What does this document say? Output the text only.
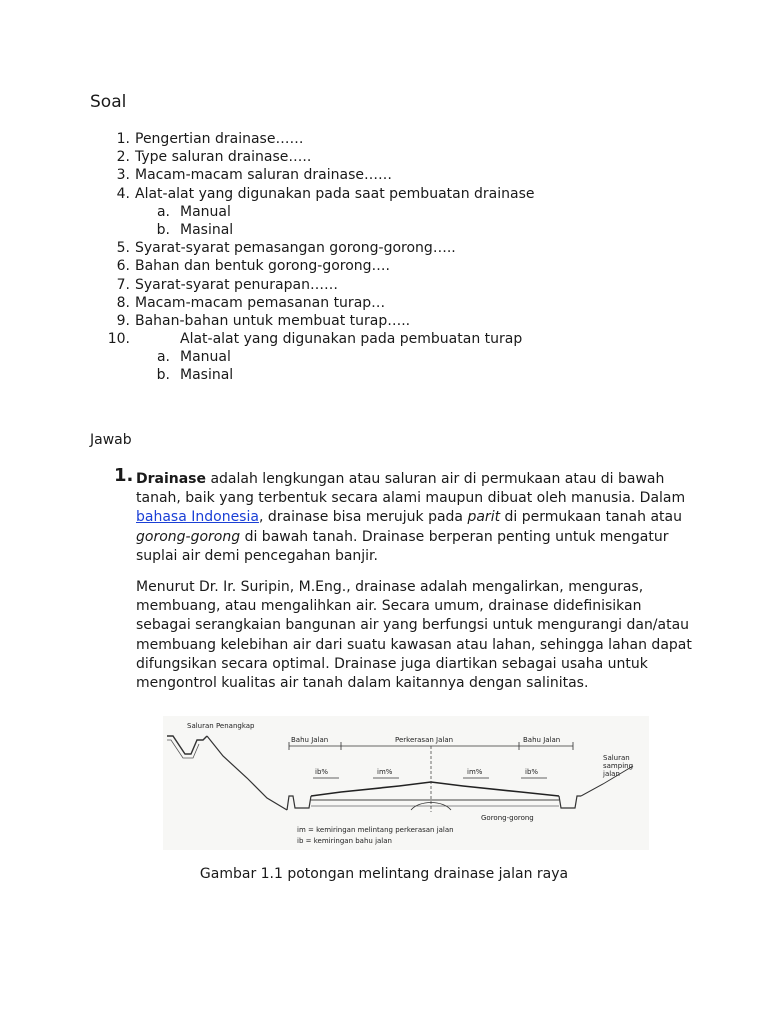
Soal
1. Pengertian drainase……
2. Type saluran drainase…..
3. Macam-macam saluran drainase……
4. Alat-alat yang digunakan pada saat pembuatan drainase
a. Manual
b. Masinal
5. Syarat-syarat pemasangan gorong-gorong…..
6. Bahan dan bentuk gorong-gorong….
7. Syarat-syarat penurapan……
8. Macam-macam pemasanan turap…
9. Bahan-bahan untuk membuat turap…..
10.	Alat-alat yang digunakan pada pembuatan turap
a. Manual
b. Masinal
Jawab
1. Drainase adalah lengkungan atau saluran air di permukaan atau di bawah tanah, baik yang terbentuk secara alami maupun dibuat oleh manusia. Dalam bahasa Indonesia, drainase bisa merujuk pada parit di permukaan tanah atau gorong-gorong di bawah tanah. Drainase berperan penting untuk mengatur suplai air demi pencegahan banjir.

Menurut Dr. Ir. Suripin, M.Eng., drainase adalah mengalirkan, menguras, membuang, atau mengalihkan air. Secara umum, drainase didefinisikan sebagai serangkaian bangunan air yang berfungsi untuk mengurangi dan/atau membuang kelebihan air dari suatu kawasan atau lahan, sehingga lahan dapat difungsikan secara optimal. Drainase juga diartikan sebagai usaha untuk mengontrol kualitas air tanah dalam kaitannya dengan salinitas.

Saluran Penangkap
Bahu Jalan	Perkerasan Jalan	Bahu Jalan
Saluran
samping
jalan
ib%	im%	im%	ib%
Gorong-gorong
im = kemiringan melintang perkerasan jalan
ib = kemiringan bahu jalan
Gambar 1.1 potongan melintang drainase jalan raya
